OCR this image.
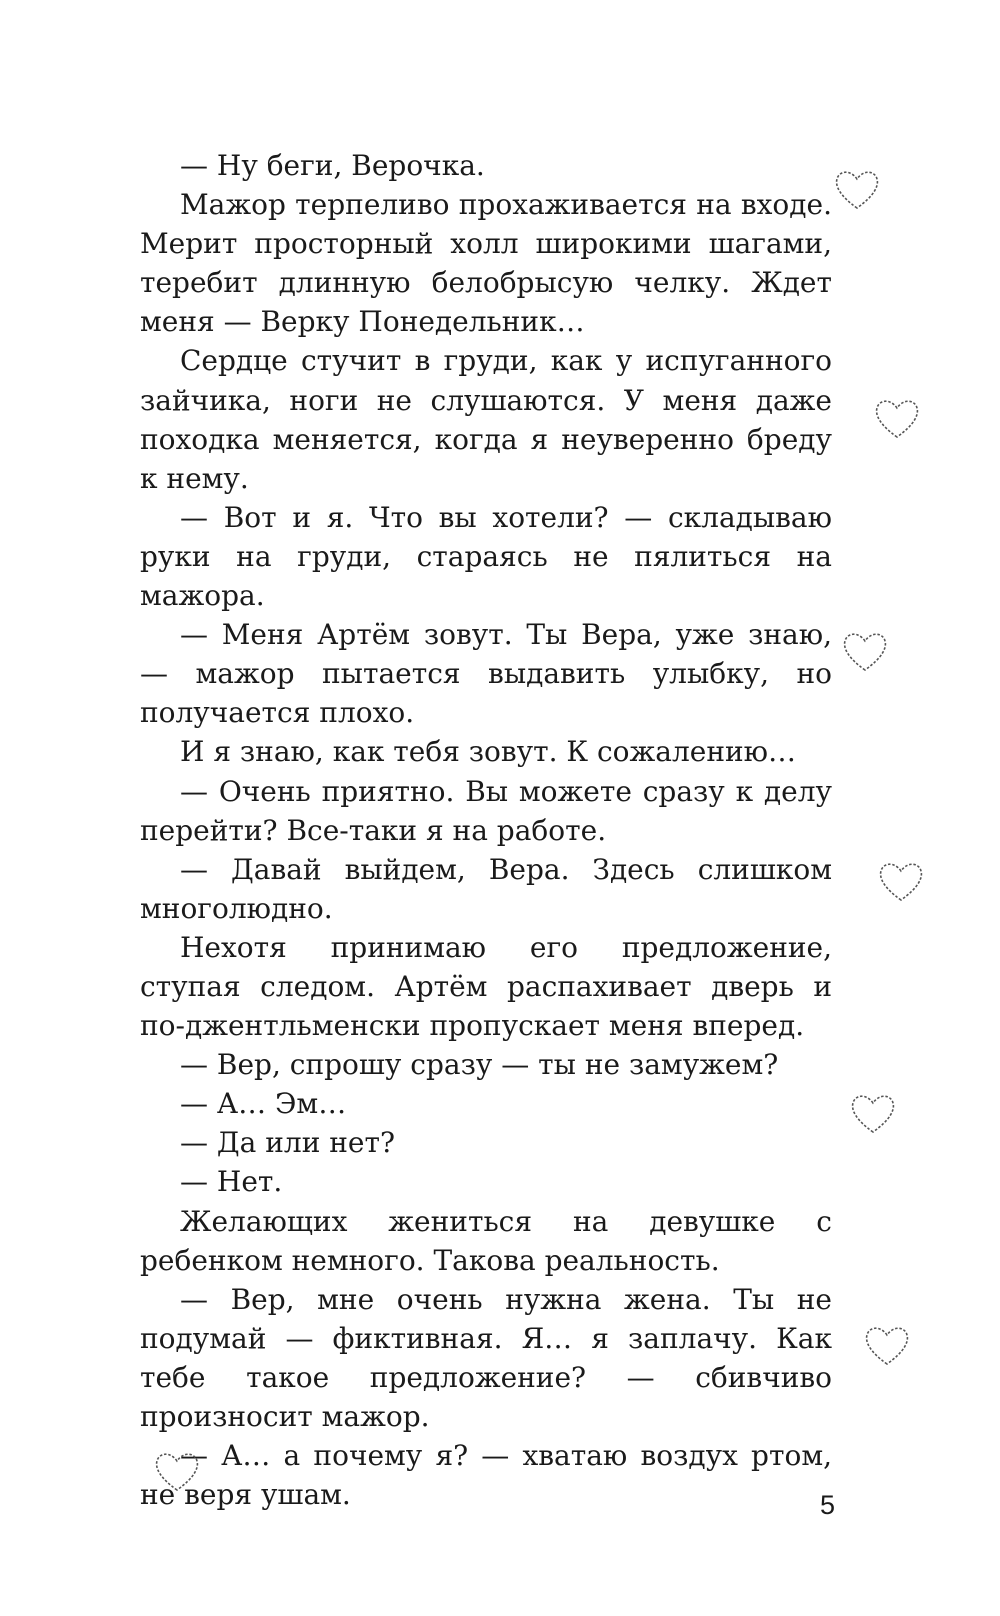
— Ну беги, Верочка.

Мажор терпеливо прохаживается на входе. Мерит просторный холл широкими шагами, теребит длинную белобрысую челку. Ждет меня — Верку Понедельник…

Сердце стучит в груди, как у испуганного зайчика, ноги не слушаются. У меня даже походка меняется, когда я неуверенно бреду к нему.

— Вот и я. Что вы хотели? — складываю руки на груди, стараясь не пялиться на мажора.

— Меня Артём зовут. Ты Вера, уже знаю, — мажор пытается выдавить улыбку, но получается плохо.

И я знаю, как тебя зовут. К сожалению…

— Очень приятно. Вы можете сразу к делу перейти? Все-таки я на работе.

— Давай выйдем, Вера. Здесь слишком многолюдно.

Нехотя принимаю его предложение, ступая следом. Артём распахивает дверь и по-джентльменски пропускает меня вперед.

— Вер, спрошу сразу — ты не замужем?

— А… Эм…

— Да или нет?

— Нет.

Желающих жениться на девушке с ребенком немного. Такова реальность.

— Вер, мне очень нужна жена. Ты не подумай — фиктивная. Я… я заплачу. Как тебе такое предложение? — сбивчиво произносит мажор.

— А… а почему я? — хватаю воздух ртом, не веря ушам.	5
